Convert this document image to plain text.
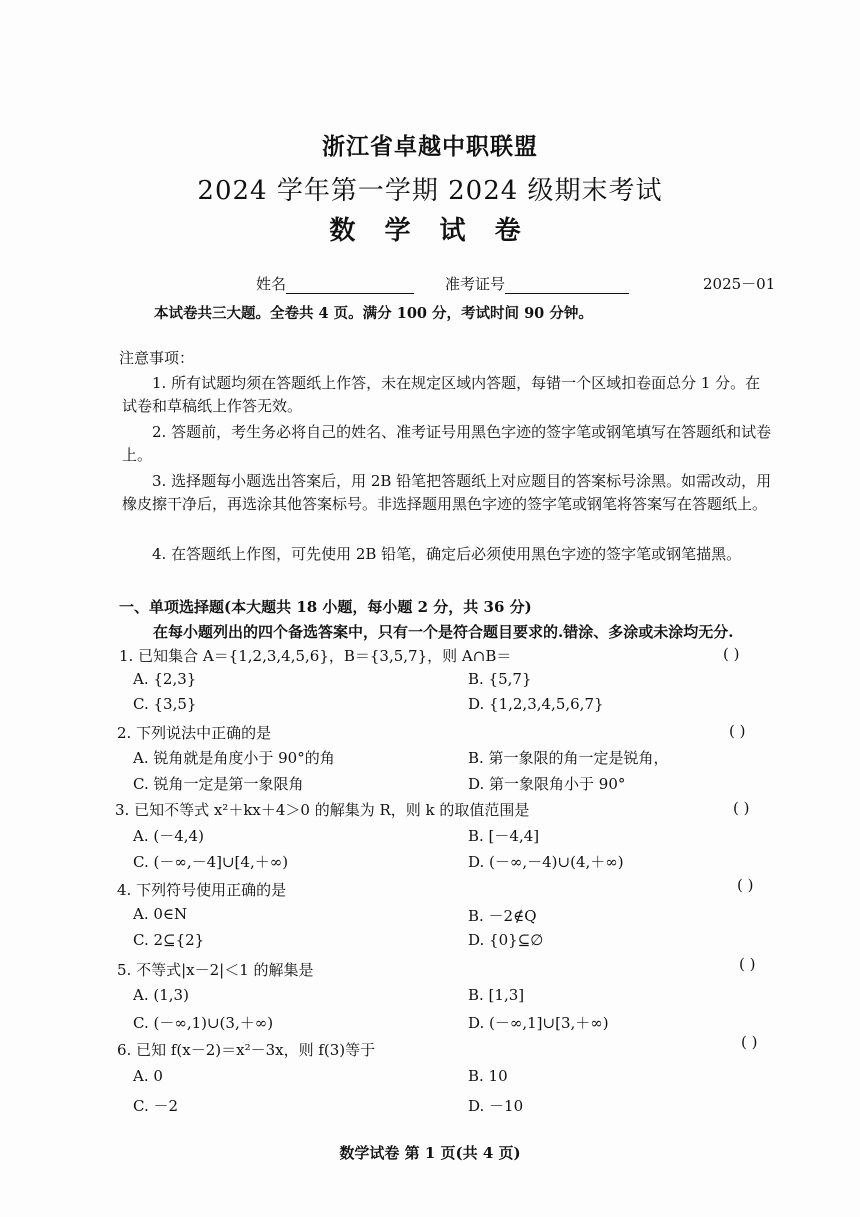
浙江省卓越中职联盟
2024 学年第一学期 2024 级期末考试
数 学 试 卷
姓名	准考证号	2025－01
本试卷共三大题。全卷共 4 页。满分 100 分，考试时间 90 分钟。
注意事项：
1. 所有试题均须在答题纸上作答，未在规定区域内答题，每错一个区域扣卷面总分 1 分。在试卷和草稿纸上作答无效。
2. 答题前，考生务必将自己的姓名、准考证号用黑色字迹的签字笔或钢笔填写在答题纸和试卷上。
3. 选择题每小题选出答案后，用 2B 铅笔把答题纸上对应题目的答案标号涂黑。如需改动，用橡皮擦干净后，再选涂其他答案标号。非选择题用黑色字迹的签字笔或钢笔将答案写在答题纸上。
4. 在答题纸上作图，可先使用 2B 铅笔，确定后必须使用黑色字迹的签字笔或钢笔描黑。
一、单项选择题(本大题共 18 小题，每小题 2 分，共 36 分)
在每小题列出的四个备选答案中，只有一个是符合题目要求的.错涂、多涂或未涂均无分.
1. 已知集合 A＝{1,2,3,4,5,6}，B＝{3,5,7}，则 A∩B＝	( )
A. {2,3}	B. {5,7}
C. {3,5}	D. {1,2,3,4,5,6,7}
2. 下列说法中正确的是	( )
A. 锐角就是角度小于 90°的角	B. 第一象限的角一定是锐角，
C. 锐角一定是第一象限角	D. 第一象限角小于 90°
3. 已知不等式 x²＋kx＋4＞0 的解集为 R，则 k 的取值范围是	( )
A. (－4,4)	B. [－4,4]
C. (－∞,－4]∪[4,＋∞)	D. (－∞,－4)∪(4,＋∞)
4. 下列符号使用正确的是	( )
A. 0∈N	B. －2∉Q
C. 2⊆{2}	D. {0}⊆∅
5. 不等式|x－2|＜1 的解集是	( )
A. (1,3)	B. [1,3]
C. (－∞,1)∪(3,＋∞)	D. (－∞,1]∪[3,＋∞)
6. 已知 f(x－2)＝x²－3x，则 f(3)等于	( )
A. 0	B. 10
C. －2	D. －10
数学试卷 第 1 页(共 4 页)
